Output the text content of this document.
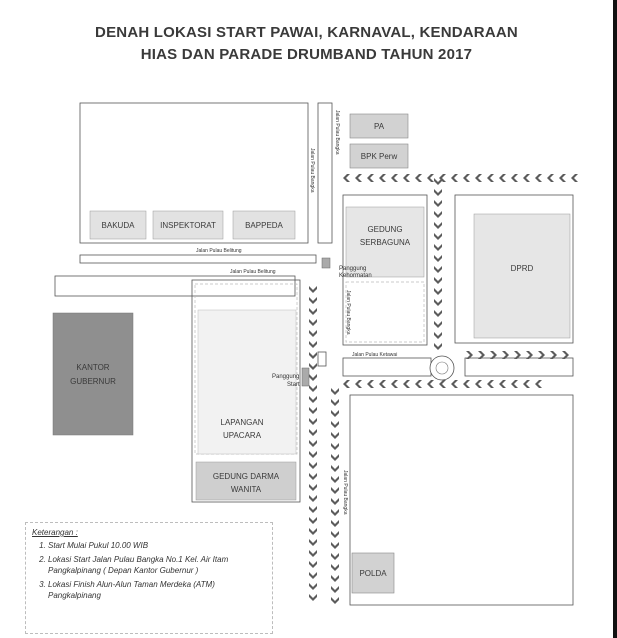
DENAH LOKASI START PAWAI, KARNAVAL, KENDARAAN
HIAS DAN PARADE DRUMBAND TAHUN 2017
PA
BPK Perw
BAKUDA	INSPEKTORAT	BAPPEDA	GEDUNG
SERBAGUNA
DPRD
KANTOR
GUBERNUR
LAPANGAN
UPACARA
GEDUNG DARMA
WANITA
POLDA
Jalan Pulau Bangka
Jalan Pulau Bangka
Jalan Pulau Bangka
Jalan Pulau Bangka
Jalan Pulau Belitung
Jalan Pulau Belitung
Jalan Pulau Ketawai
Panggung
Kehormatan
Panggung
Start
Keterangan :
1. Start Mulai Pukul 10.00 WIB
2. Lokasi Start Jalan Pulau Bangka No.1 Kel. Air Itam Pangkalpinang ( Depan Kantor Gubernur )
3. Lokasi Finish Alun-Alun Taman Merdeka (ATM) Pangkalpinang
